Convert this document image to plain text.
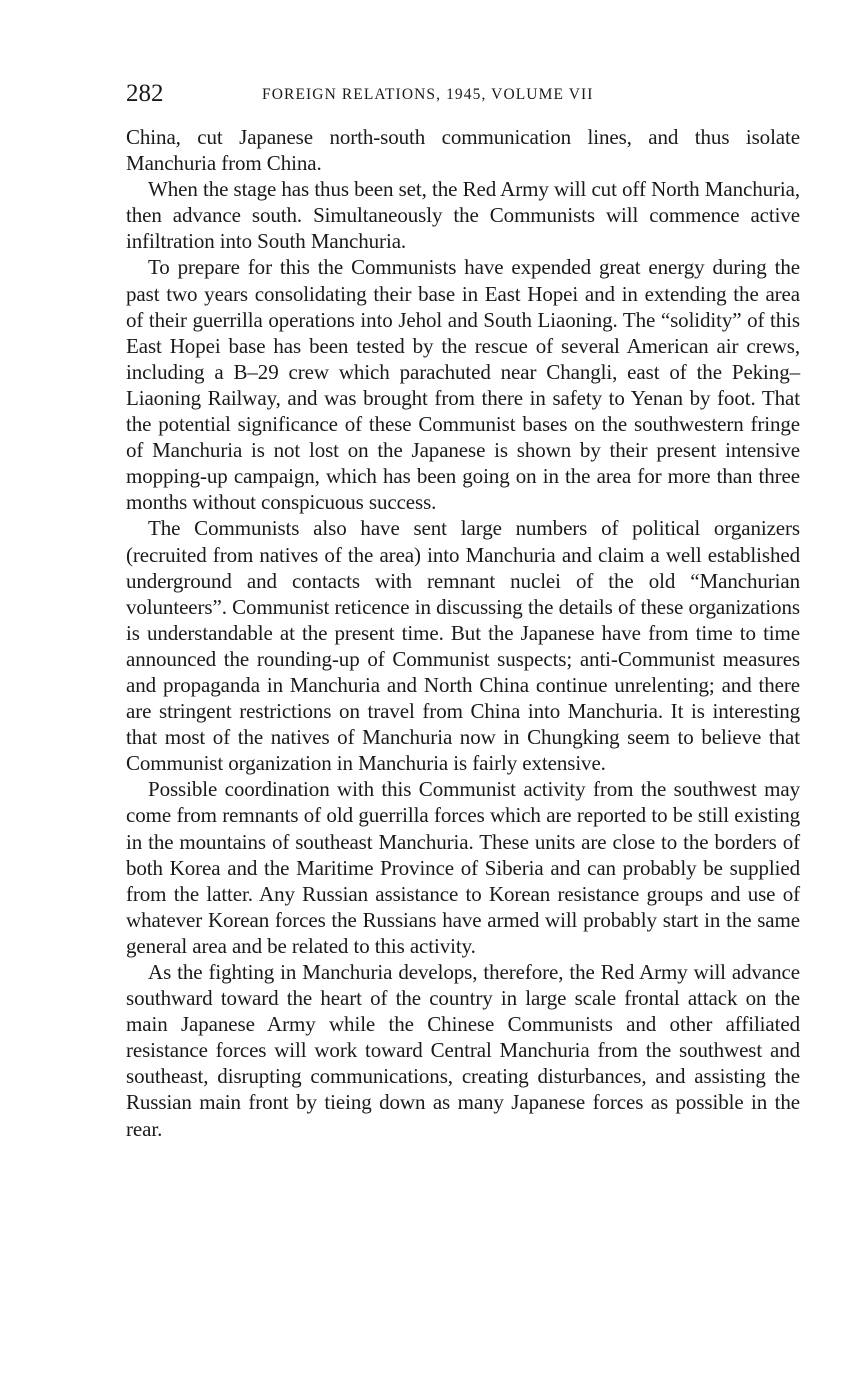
282	FOREIGN RELATIONS, 1945, VOLUME VII

China, cut Japanese north-south communication lines, and thus isolate Manchuria from China.

When the stage has thus been set, the Red Army will cut off North Manchuria, then advance south. Simultaneously the Communists will commence active infiltration into South Manchuria.

To prepare for this the Communists have expended great energy during the past two years consolidating their base in East Hopei and in extending the area of their guerrilla operations into Jehol and South Liaoning. The “solidity” of this East Hopei base has been tested by the rescue of several American air crews, including a B–29 crew which parachuted near Changli, east of the Peking–Liaoning Railway, and was brought from there in safety to Yenan by foot. That the potential significance of these Communist bases on the southwestern fringe of Manchuria is not lost on the Japanese is shown by their present intensive mopping-up campaign, which has been going on in the area for more than three months without conspicuous success.

The Communists also have sent large numbers of political organizers (recruited from natives of the area) into Manchuria and claim a well established underground and contacts with remnant nuclei of the old “Manchurian volunteers”. Communist reticence in discussing the details of these organizations is understandable at the present time. But the Japanese have from time to time announced the rounding-up of Communist suspects; anti-Communist measures and propaganda in Manchuria and North China continue unrelenting; and there are stringent restrictions on travel from China into Manchuria. It is interesting that most of the natives of Manchuria now in Chungking seem to believe that Communist organization in Manchuria is fairly extensive.

Possible coordination with this Communist activity from the southwest may come from remnants of old guerrilla forces which are reported to be still existing in the mountains of southeast Manchuria. These units are close to the borders of both Korea and the Maritime Province of Siberia and can probably be supplied from the latter. Any Russian assistance to Korean resistance groups and use of whatever Korean forces the Russians have armed will probably start in the same general area and be related to this activity.

As the fighting in Manchuria develops, therefore, the Red Army will advance southward toward the heart of the country in large scale frontal attack on the main Japanese Army while the Chinese Communists and other affiliated resistance forces will work toward Central Manchuria from the southwest and southeast, disrupting communications, creating disturbances, and assisting the Russian main front by tieing down as many Japanese forces as possible in the rear.
